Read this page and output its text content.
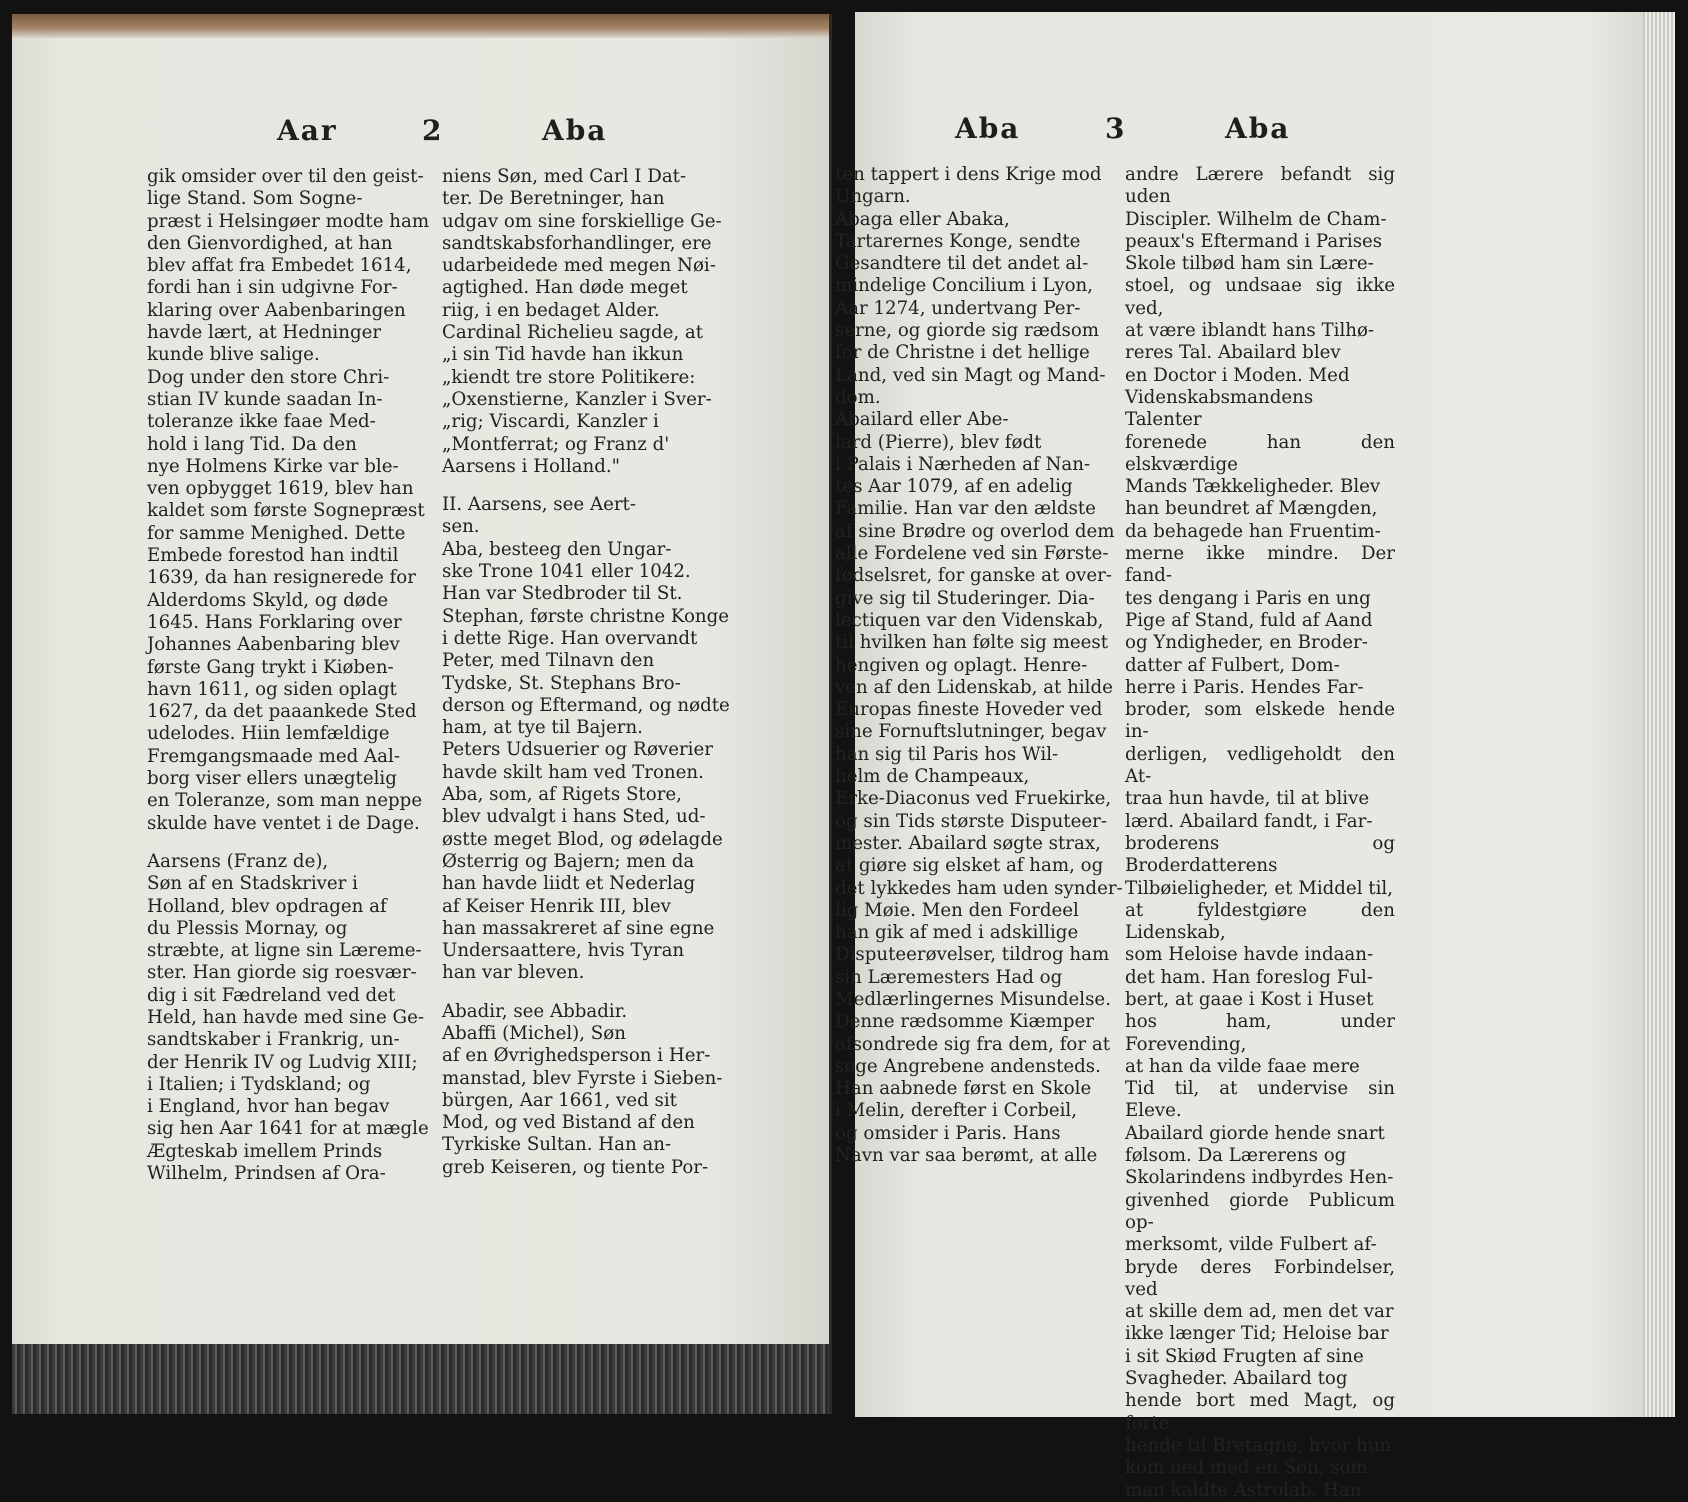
Aar	2	Aba
gik omsider over til den geist-
lige Stand. Som Sogne-
præst i Helsingøer modte ham
den Gienvordighed, at han
blev affat fra Embedet 1614,
fordi han i sin udgivne For-
klaring over Aabenbaringen
havde lært, at Hedninger
kunde blive salige.
Dog under den store Chri-
stian IV kunde saadan In-
toleranze ikke faae Med-
hold i lang Tid. Da den
nye Holmens Kirke var ble-
ven opbygget 1619, blev han
kaldet som første Sognepræst
for samme Menighed. Dette
Embede forestod han indtil
1639, da han resignerede for
Alderdoms Skyld, og døde
1645. Hans Forklaring over
Johannes Aabenbaring blev
første Gang trykt i Kiøben-
havn 1611, og siden oplagt
1627, da det paaankede Sted
udelodes. Hiin lemfældige
Fremgangsmaade med Aal-
borg viser ellers unægtelig
en Toleranze, som man neppe
skulde have ventet i de Dage.
Aarsens (Franz de),
Søn af en Stadskriver i
Holland, blev opdragen af
du Plessis Mornay, og
stræbte, at ligne sin Læreme-
ster. Han giorde sig roesvær-
dig i sit Fædreland ved det
Held, han havde med sine Ge-
sandtskaber i Frankrig, un-
der Henrik IV og Ludvig XIII;
i Italien; i Tydskland; og
i England, hvor han begav
sig hen Aar 1641 for at mægle
Ægteskab imellem Prinds
Wilhelm, Prindsen af Ora-
niens Søn, med Carl I Dat-
ter. De Beretninger, han
udgav om sine forskiellige Ge-
sandtskabsforhandlinger, ere
udarbeidede med megen Nøi-
agtighed. Han døde meget
riig, i en bedaget Alder.
Cardinal Richelieu sagde, at
„i sin Tid havde han ikkun
„kiendt tre store Politikere:
„Oxenstierne, Kanzler i Sver-
„rig; Viscardi, Kanzler i
„Montferrat; og Franz d'
Aarsens i Holland."
II. Aarsens, see Aert-
sen.
Aba, besteeg den Ungar-
ske Trone 1041 eller 1042.
Han var Stedbroder til St.
Stephan, første christne Konge
i dette Rige. Han overvandt
Peter, med Tilnavn den
Tydske, St. Stephans Bro-
derson og Eftermand, og nødte
ham, at tye til Bajern.
Peters Udsuerier og Røverier
havde skilt ham ved Tronen.
Aba, som, af Rigets Store,
blev udvalgt i hans Sted, ud-
østte meget Blod, og ødelagde
Østerrig og Bajern; men da
han havde liidt et Nederlag
af Keiser Henrik III, blev
han massakreret af sine egne
Undersaattere, hvis Tyran
han var bleven.
Abadir, see Abbadir.
Abaffi (Michel), Søn
af en Øvrighedsperson i Her-
manstad, blev Fyrste i Sieben-
bürgen, Aar 1661, ved sit
Mod, og ved Bistand af den
Tyrkiske Sultan. Han an-
greb Keiseren, og tiente Por-
Aba	3	Aba
ten tappert i dens Krige mod
Ungarn.
Abaga eller Abaka,
Tartarernes Konge, sendte
Gesandtere til det andet al-
mindelige Concilium i Lyon,
Aar 1274, undertvang Per-
serne, og giorde sig rædsom
for de Christne i det hellige
Land, ved sin Magt og Mand-
dom.
Abailard eller Abe-
lard (Pierre), blev født
i Palais i Nærheden af Nan-
tes Aar 1079, af en adelig
Familie. Han var den ældste
af sine Brødre og overlod dem
alle Fordelene ved sin Første-
fødselsret, for ganske at over-
give sig til Studeringer. Dia-
lectiquen var den Videnskab,
til hvilken han følte sig meest
hengiven og oplagt. Henre-
ven af den Lidenskab, at hilde
Europas fineste Hoveder ved
sine Fornuftslutninger, begav
han sig til Paris hos Wil-
helm de Champeaux,
Erke-Diaconus ved Fruekirke,
og sin Tids største Disputeer-
mester. Abailard søgte strax,
at giøre sig elsket af ham, og
det lykkedes ham uden synder-
lig Møie. Men den Fordeel
han gik af med i adskillige
Disputeerøvelser, tildrog ham
sin Læremesters Had og
Medlærlingernes Misundelse.
Denne rædsomme Kiæmper
afsondrede sig fra dem, for at
søge Angrebene andensteds.
Han aabnede først en Skole
i Melin, derefter i Corbeil,
og omsider i Paris. Hans
Navn var saa berømt, at alle
andre Lærere befandt sig uden
Discipler. Wilhelm de Cham-
peaux's Eftermand i Parises
Skole tilbød ham sin Lære-
stoel, og undsaae sig ikke ved,
at være iblandt hans Tilhø-
reres Tal. Abailard blev
en Doctor i Moden. Med
Videnskabsmandens Talenter
forenede han den elskværdige
Mands Tækkeligheder. Blev
han beundret af Mængden,
da behagede han Fruentim-
merne ikke mindre. Der fand-
tes dengang i Paris en ung
Pige af Stand, fuld af Aand
og Yndigheder, en Broder-
datter af Fulbert, Dom-
herre i Paris. Hendes Far-
broder, som elskede hende in-
derligen, vedligeholdt den At-
traa hun havde, til at blive
lærd. Abailard fandt, i Far-
broderens og Broderdatterens
Tilbøieligheder, et Middel til,
at fyldestgiøre den Lidenskab,
som Heloise havde indaan-
det ham. Han foreslog Ful-
bert, at gaae i Kost i Huset
hos ham, under Forevending,
at han da vilde faae mere
Tid til, at undervise sin Eleve.
Abailard giorde hende snart
følsom. Da Lærerens og
Skolarindens indbyrdes Hen-
givenhed giorde Publicum op-
merksomt, vilde Fulbert af-
bryde deres Forbindelser, ved
at skille dem ad, men det var
ikke længer Tid; Heloise bar
i sit Skiød Frugten af sine
Svagheder. Abailard tog
hende bort med Magt, og førte
hende til Bretagne, hvor hun
kom ned med en Søn, som
man kaldte Astrolab. Han
